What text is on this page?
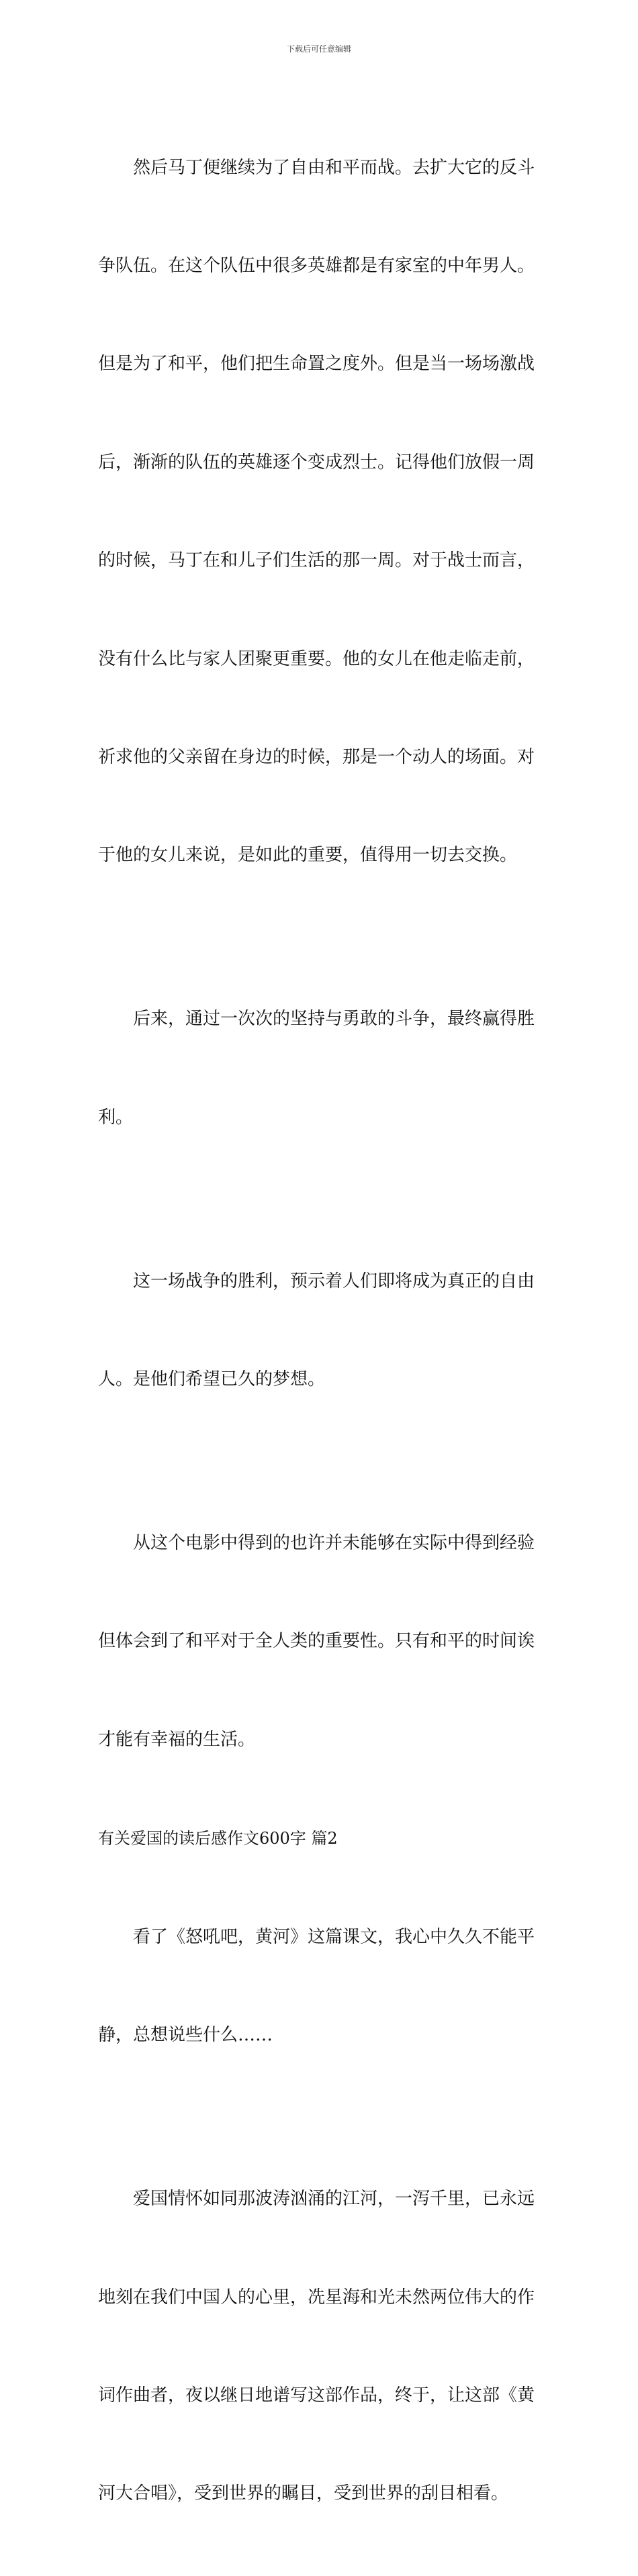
下载后可任意编辑

然后马丁便继续为了自由和平而战。去扩大它的反斗

争队伍。在这个队伍中很多英雄都是有家室的中年男人。

但是为了和平，他们把生命置之度外。但是当一场场激战

后，渐渐的队伍的英雄逐个变成烈士。记得他们放假一周

的时候，马丁在和儿子们生活的那一周。对于战士而言，

没有什么比与家人团聚更重要。他的女儿在他走临走前，

祈求他的父亲留在身边的时候，那是一个动人的场面。对

于他的女儿来说，是如此的重要，值得用一切去交换。

后来，通过一次次的坚持与勇敢的斗争，最终赢得胜

利。

这一场战争的胜利，预示着人们即将成为真正的自由

人。是他们希望已久的梦想。

从这个电影中得到的也许并未能够在实际中得到经验

但体会到了和平对于全人类的重要性。只有和平的时间诶

才能有幸福的生活。

有关爱国的读后感作文600字 篇2

看了《怒吼吧，黄河》这篇课文，我心中久久不能平

静，总想说些什么……

爱国情怀如同那波涛汹涌的江河，一泻千里，已永远

地刻在我们中国人的心里，冼星海和光未然两位伟大的作

词作曲者，夜以继日地谱写这部作品，终于，让这部《黄

河大合唱》，受到世界的瞩目，受到世界的刮目相看。
